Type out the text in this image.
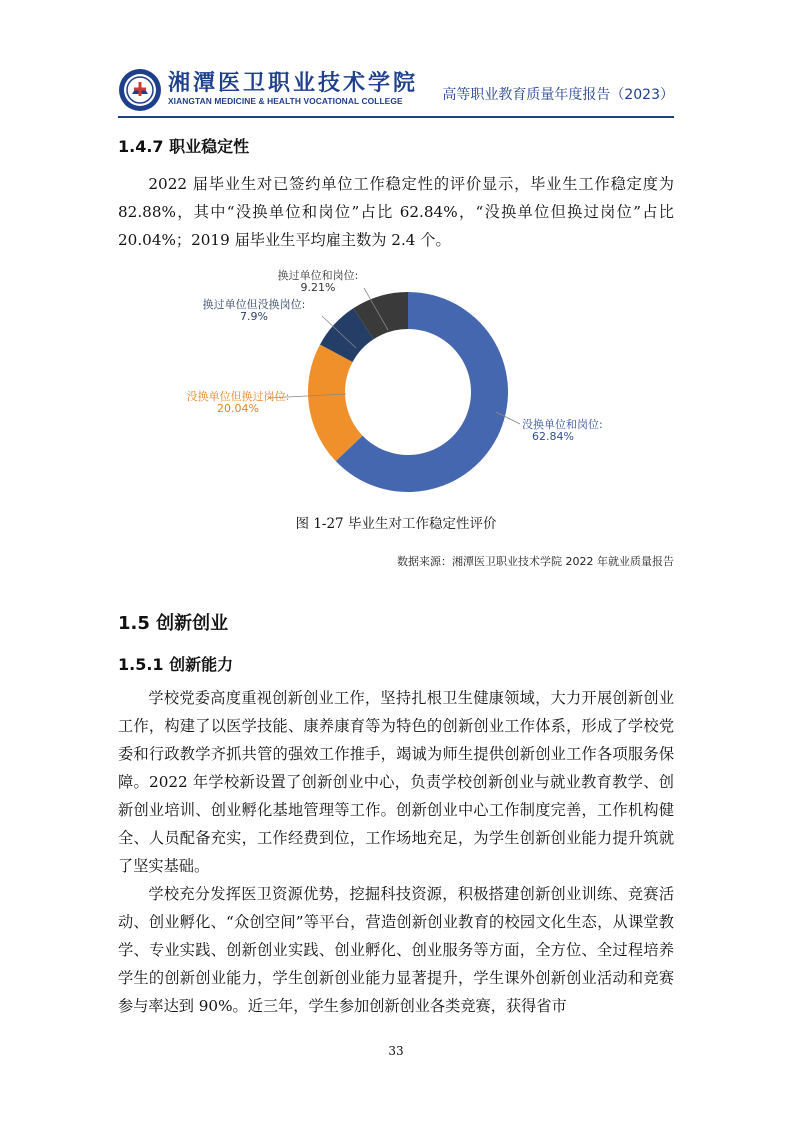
湘潭医卫职业技术学院
XIANGTAN MEDICINE & HEALTH VOCATIONAL COLLEGE	高等职业教育质量年度报告（2023）
1.4.7 职业稳定性

2022 届毕业生对已签约单位工作稳定性的评价显示，毕业生工作稳定度为 82.88%，其中“没换单位和岗位”占比 62.84%，“没换单位但换过岗位”占比 20.04%；2019 届毕业生平均雇主数为 2.4 个。

没换单位和岗位:
62.84%
没换单位但换过岗位:
20.04%
换过单位但没换岗位:
7.9%
换过单位和岗位:
9.21%
图 1-27 毕业生对工作稳定性评价
数据来源：湘潭医卫职业技术学院 2022 年就业质量报告
1.5 创新创业
1.5.1 创新能力

学校党委高度重视创新创业工作，坚持扎根卫生健康领域，大力开展创新创业工作，构建了以医学技能、康养康育等为特色的创新创业工作体系，形成了学校党委和行政教学齐抓共管的强效工作推手，竭诚为师生提供创新创业工作各项服务保障。2022 年学校新设置了创新创业中心，负责学校创新创业与就业教育教学、创新创业培训、创业孵化基地管理等工作。创新创业中心工作制度完善，工作机构健全、人员配备充实，工作经费到位，工作场地充足，为学生创新创业能力提升筑就了坚实基础。

学校充分发挥医卫资源优势，挖掘科技资源，积极搭建创新创业训练、竞赛活动、创业孵化、“众创空间”等平台，营造创新创业教育的校园文化生态，从课堂教学、专业实践、创新创业实践、创业孵化、创业服务等方面，全方位、全过程培养学生的创新创业能力，学生创新创业能力显著提升，学生课外创新创业活动和竞赛参与率达到 90%。近三年，学生参加创新创业各类竞赛，获得省市

33
